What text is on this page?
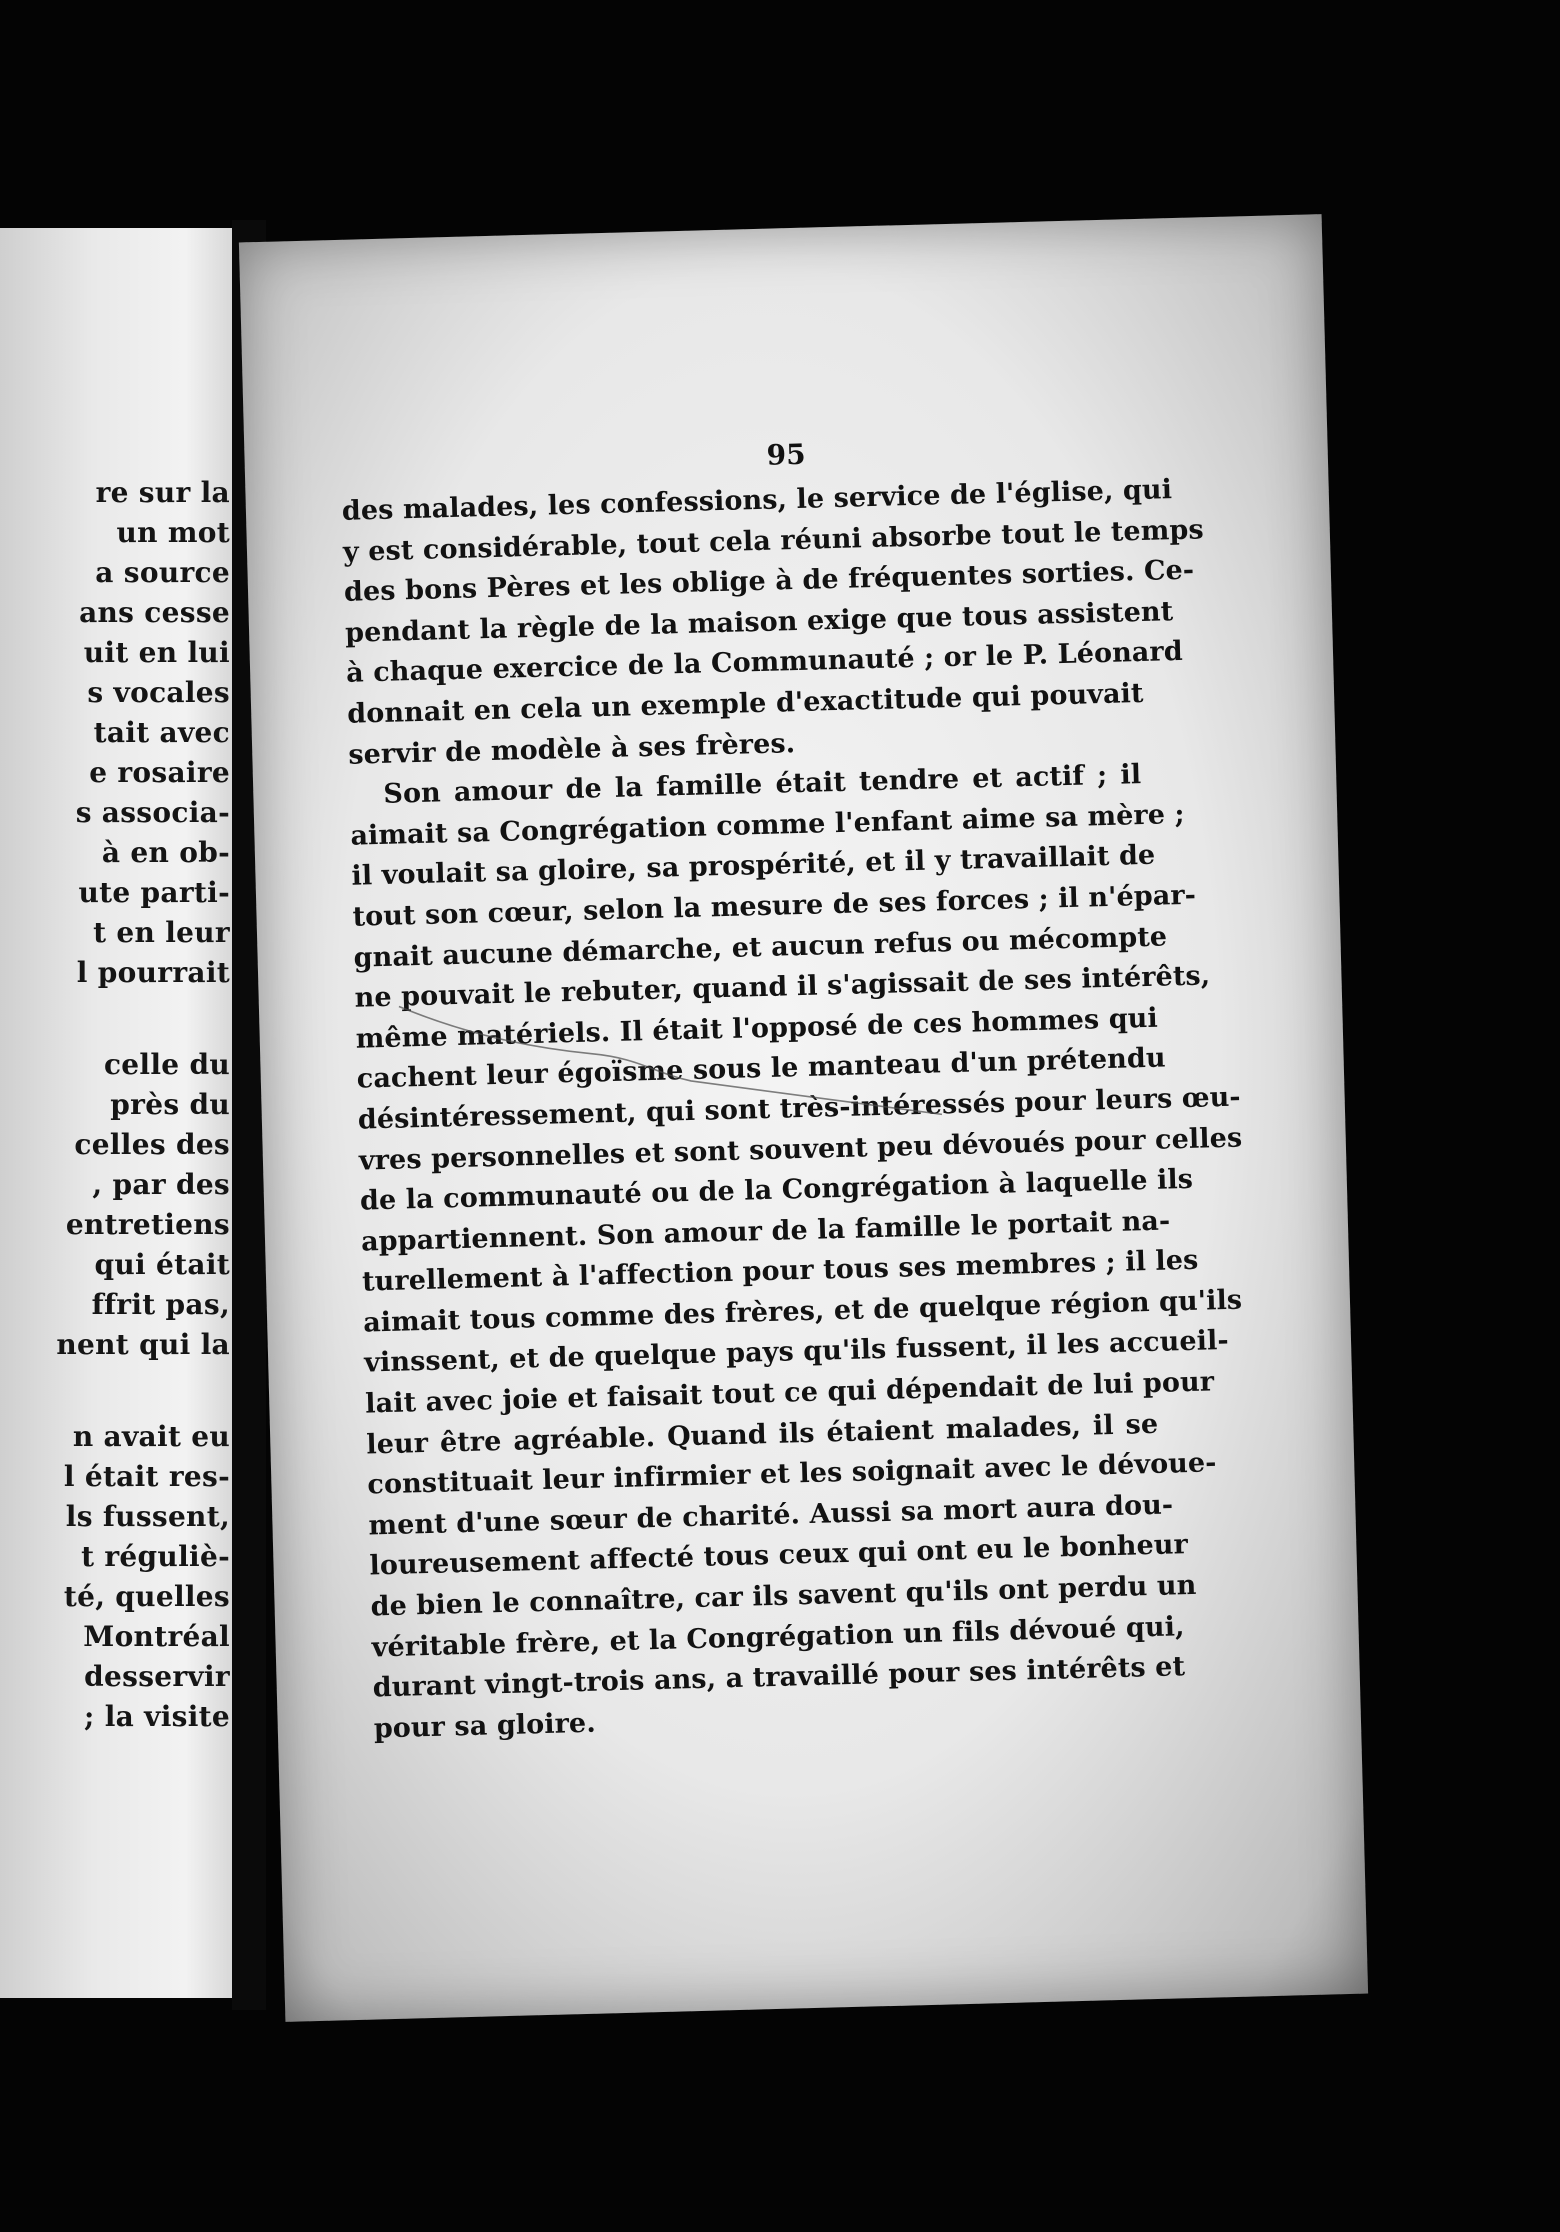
re sur la
un mot
a source
ans cesse
uit en lui
s vocales
tait avec
e rosaire
s associa-
à en ob-
ute parti-
t en leur
l pourrait
celle du
près du
celles des
, par des
entretiens
qui était
ffrit pas,
nent qui la
n avait eu
l était res-
ls fussent,
t réguliè-
té, quelles
Montréal
desservir
; la visite
95
des malades, les confessions, le service de l'église, qui
y est considérable, tout cela réuni absorbe tout le temps
des bons Pères et les oblige à de fréquentes sorties. Ce-
pendant la règle de la maison exige que tous assistent
à chaque exercice de la Communauté ; or le P. Léonard
donnait en cela un exemple d'exactitude qui pouvait
servir de modèle à ses frères.
Son amour de la famille était tendre et actif ; il
aimait sa Congrégation comme l'enfant aime sa mère ;
il voulait sa gloire, sa prospérité, et il y travaillait de
tout son cœur, selon la mesure de ses forces ; il n'épar-
gnait aucune démarche, et aucun refus ou mécompte
ne pouvait le rebuter, quand il s'agissait de ses intérêts,
même matériels. Il était l'opposé de ces hommes qui
cachent leur égoïsme sous le manteau d'un prétendu
désintéressement, qui sont très-intéressés pour leurs œu-
vres personnelles et sont souvent peu dévoués pour celles
de la communauté ou de la Congrégation à laquelle ils
appartiennent. Son amour de la famille le portait na-
turellement à l'affection pour tous ses membres ; il les
aimait tous comme des frères, et de quelque région qu'ils
vinssent, et de quelque pays qu'ils fussent, il les accueil-
lait avec joie et faisait tout ce qui dépendait de lui pour
leur être agréable. Quand ils étaient malades, il se
constituait leur infirmier et les soignait avec le dévoue-
ment d'une sœur de charité. Aussi sa mort aura dou-
loureusement affecté tous ceux qui ont eu le bonheur
de bien le connaître, car ils savent qu'ils ont perdu un
véritable frère, et la Congrégation un fils dévoué qui,
durant vingt-trois ans, a travaillé pour ses intérêts et
pour sa gloire.
